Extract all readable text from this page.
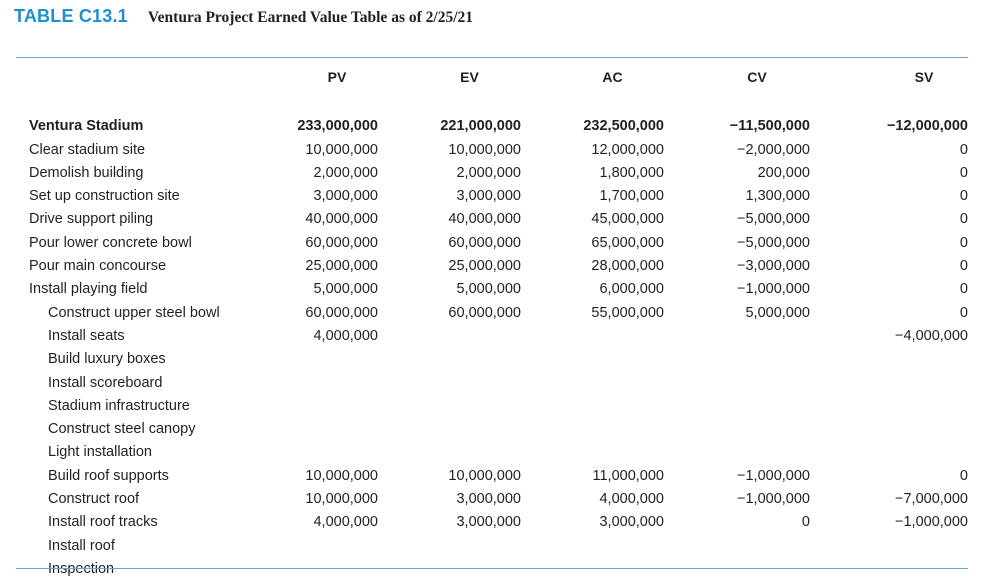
TABLE C13.1 Ventura Project Earned Value Table as of 2/25/21
	PV	EV	AC	CV	SV

Ventura Stadium	233,000,000	221,000,000	232,500,000	−11,500,000	−12,000,000
Clear stadium site	10,000,000	10,000,000	12,000,000	−2,000,000	0
Demolish building	2,000,000	2,000,000	1,800,000	200,000	0
Set up construction site	3,000,000	3,000,000	1,700,000	1,300,000	0
Drive support piling	40,000,000	40,000,000	45,000,000	−5,000,000	0
Pour lower concrete bowl	60,000,000	60,000,000	65,000,000	−5,000,000	0
Pour main concourse	25,000,000	25,000,000	28,000,000	−3,000,000	0
Install playing field	5,000,000	5,000,000	6,000,000	−1,000,000	0
Construct upper steel bowl	60,000,000	60,000,000	55,000,000	5,000,000	0
Install seats	4,000,000				−4,000,000
Build luxury boxes					
Install scoreboard					
Stadium infrastructure					
Construct steel canopy					
Light installation					
Build roof supports	10,000,000	10,000,000	11,000,000	−1,000,000	0
Construct roof	10,000,000	3,000,000	4,000,000	−1,000,000	−7,000,000
Install roof tracks	4,000,000	3,000,000	3,000,000	0	−1,000,000
Install roof					
Inspection					
